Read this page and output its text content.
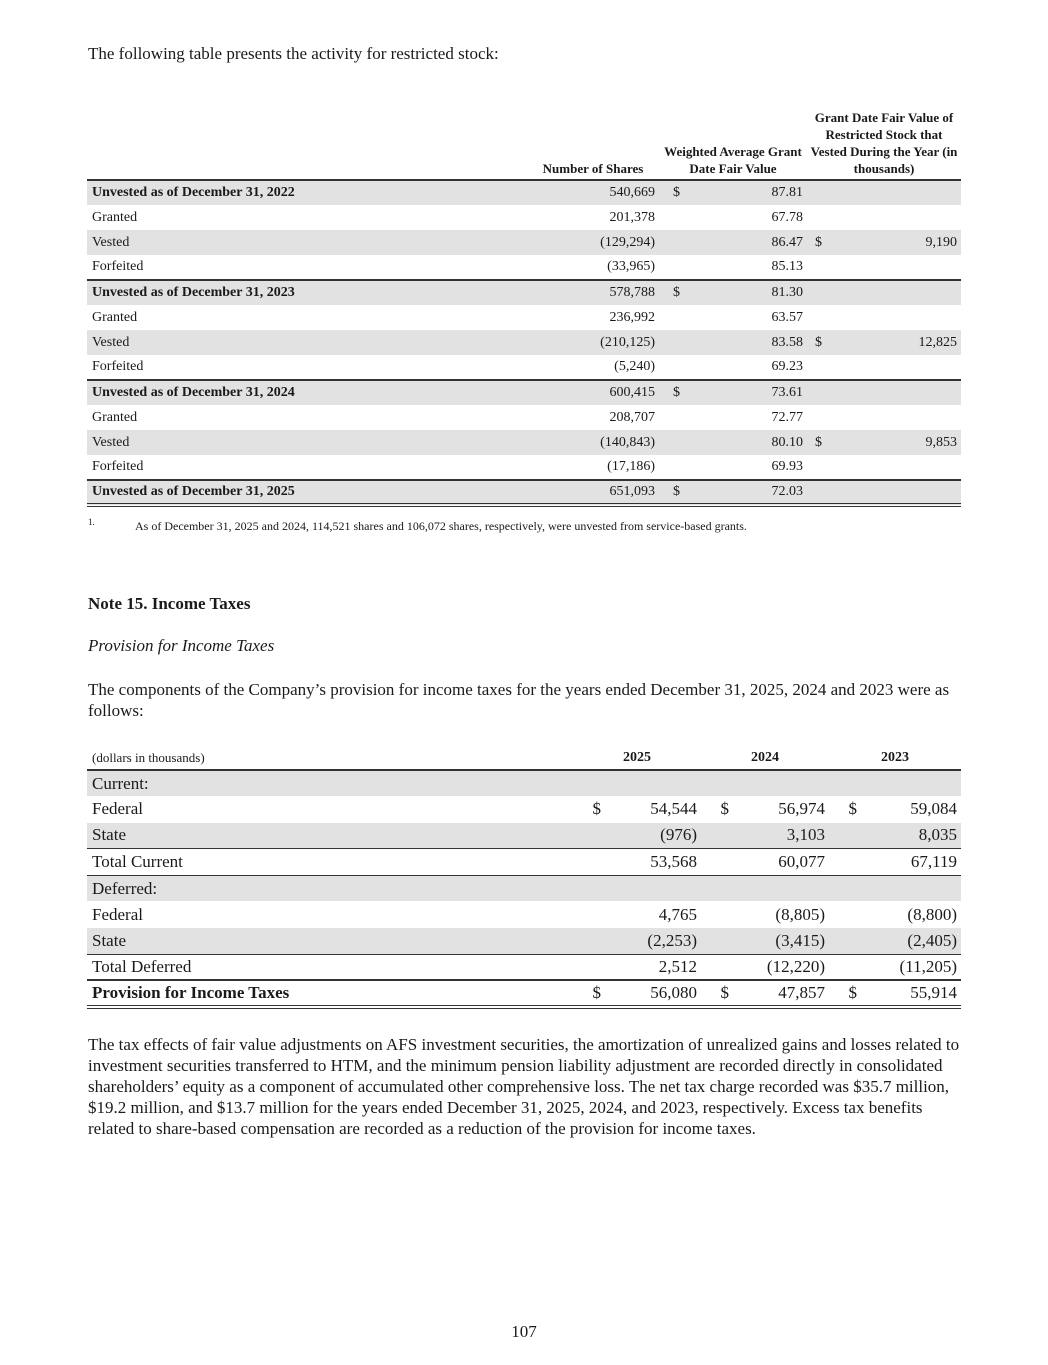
The following table presents the activity for restricted stock:

	Number of Shares	Weighted Average Grant Date Fair Value		Grant Date Fair Value of Restricted Stock that Vested During the Year (in thousands)	
Unvested as of December 31, 2022	540,669	$	87.81		
Granted	201,378		67.78		
Vested	(129,294)		86.47	$	9,190
Forfeited	(33,965)		85.13		
Unvested as of December 31, 2023	578,788	$	81.30		
Granted	236,992		63.57		
Vested	(210,125)		83.58	$	12,825
Forfeited	(5,240)		69.23		
Unvested as of December 31, 2024	600,415	$	73.61		
Granted	208,707		72.77		
Vested	(140,843)		80.10	$	9,853
Forfeited	(17,186)		69.93		
Unvested as of December 31, 2025	651,093	$	72.03		
1.	As of December 31, 2025 and 2024, 114,521 shares and 106,072 shares, respectively, were unvested from service-based grants.

Note 15. Income Taxes

Provision for Income Taxes

The components of the Company’s provision for income taxes for the years ended December 31, 2025, 2024 and 2023 were as follows:

(dollars in thousands)	2025		2024		2023	
Current:						
Federal	$	54,544	$	56,974	$	59,084
State		(976)		3,103		8,035
Total Current		53,568		60,077		67,119
Deferred:						
Federal		4,765		(8,805)		(8,800)
State		(2,253)		(3,415)		(2,405)
Total Deferred		2,512		(12,220)		(11,205)
Provision for Income Taxes	$	56,080	$	47,857	$	55,914

The tax effects of fair value adjustments on AFS investment securities, the amortization of unrealized gains and losses related to investment securities transferred to HTM, and the minimum pension liability adjustment are recorded directly in consolidated shareholders’ equity as a component of accumulated other comprehensive loss. The net tax charge recorded was $35.7 million, $19.2 million, and $13.7 million for the years ended December 31, 2025, 2024, and 2023, respectively. Excess tax benefits related to share-based compensation are recorded as a reduction of the provision for income taxes.

107
